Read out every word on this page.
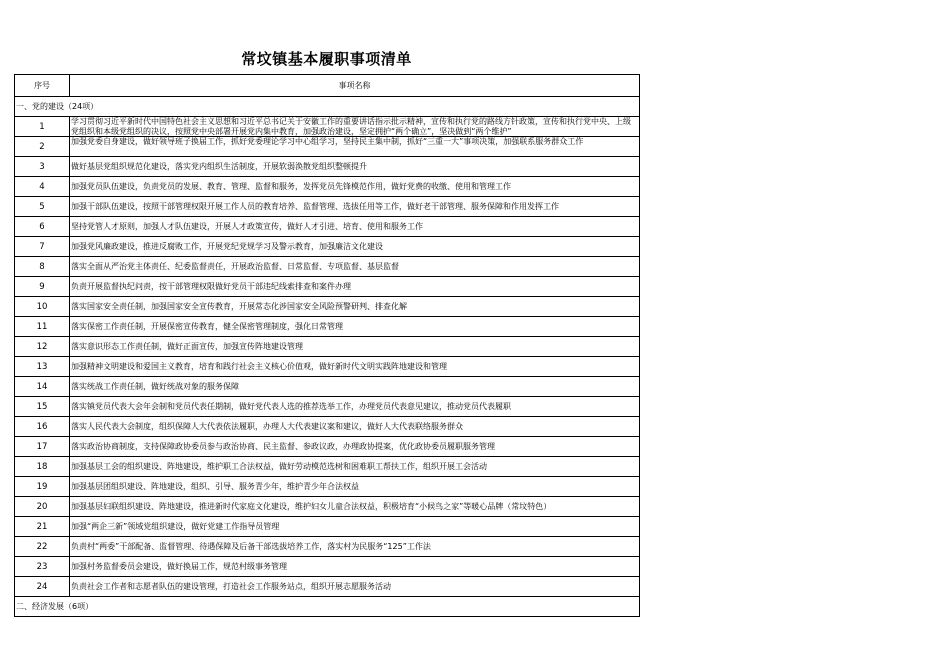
常坟镇基本履职事项清单
序号	事项名称
一、党的建设（24项）	
1	学习贯彻习近平新时代中国特色社会主义思想和习近平总书记关于安徽工作的重要讲话指示批示精神，宣传和执行党的路线方针政策，宣传和执行党中央、上级党组织和本级党组织的决议，按照党中央部署开展党内集中教育，加强政治建设，坚定拥护“两个确立”，坚决做到“两个维护”

2	加强党委自身建设，做好领导班子换届工作，抓好党委理论学习中心组学习，坚持民主集中制，抓好“三重一大”事项决策，加强联系服务群众工作

3	做好基层党组织规范化建设，落实党内组织生活制度，开展软弱涣散党组织整顿提升
4	加强党员队伍建设，负责党员的发展、教育、管理、监督和服务，发挥党员先锋模范作用，做好党费的收缴、使用和管理工作
5	加强干部队伍建设，按照干部管理权限开展工作人员的教育培养、监督管理、选拔任用等工作，做好老干部管理、服务保障和作用发挥工作
6	坚持党管人才原则，加强人才队伍建设，开展人才政策宣传，做好人才引进、培育、使用和服务工作
7	加强党风廉政建设，推进反腐败工作，开展党纪党规学习及警示教育，加强廉洁文化建设
8	落实全面从严治党主体责任、纪委监督责任，开展政治监督、日常监督、专项监督、基层监督
9	负责开展监督执纪问责，按干部管理权限做好党员干部违纪线索排查和案件办理
10	落实国家安全责任制，加强国家安全宣传教育，开展常态化涉国家安全风险预警研判、排查化解
11	落实保密工作责任制，开展保密宣传教育，健全保密管理制度，强化日常管理
12	落实意识形态工作责任制，做好正面宣传，加强宣传阵地建设管理
13	加强精神文明建设和爱国主义教育，培育和践行社会主义核心价值观，做好新时代文明实践阵地建设和管理
14	落实统战工作责任制，做好统战对象的服务保障
15	落实镇党员代表大会年会制和党员代表任期制，做好党代表人选的推荐选举工作，办理党员代表意见建议，推动党员代表履职
16	落实人民代表大会制度，组织保障人大代表依法履职，办理人大代表建议案和建议，做好人大代表联络服务群众
17	落实政治协商制度，支持保障政协委员参与政治协商、民主监督、参政议政，办理政协提案，优化政协委员履职服务管理
18	加强基层工会的组织建设、阵地建设，维护职工合法权益，做好劳动模范选树和困难职工帮扶工作，组织开展工会活动
19	加强基层团组织建设、阵地建设，组织、引导、服务青少年，维护青少年合法权益
20	加强基层妇联组织建设、阵地建设，推进新时代家庭文化建设，维护妇女儿童合法权益，积极培育“小候鸟之家”等暖心品牌（常坟特色）
21	加强“两企三新”领域党组织建设，做好党建工作指导员管理
22	负责村“两委”干部配备、监督管理、待遇保障及后备干部选拔培养工作，落实村为民服务“125”工作法
23	加强村务监督委员会建设，做好换届工作，规范村级事务管理
24	负责社会工作者和志愿者队伍的建设管理，打造社会工作服务站点，组织开展志愿服务活动
二、经济发展（6项）	
